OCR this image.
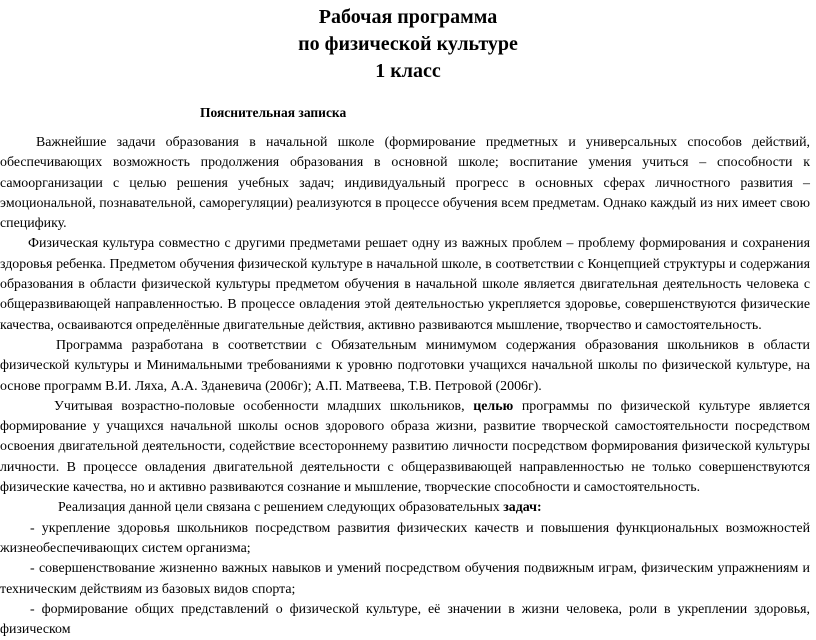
Рабочая программа
по физической культуре
1 класс
Пояснительная записка

Важнейшие задачи образования в начальной школе (формирование предметных и универсальных способов действий, обеспечивающих возможность продолжения образования в основной школе; воспитание умения учиться – способности к самоорганизации с целью решения учебных задач; индивидуальный прогресс в основных сферах личностного развития – эмоциональной, познавательной, саморегуляции) реализуются в процессе обучения всем предметам. Однако каждый из них имеет свою специфику.

Физическая культура совместно с другими предметами решает одну из важных проблем – проблему формирования и сохранения здоровья ребенка. Предметом обучения физической культуре в начальной школе, в соответствии с Концепцией структуры и содержания образования в области физической культуры предметом обучения в начальной школе является двигательная деятельность человека с общеразвивающей направленностью. В процессе овладения этой деятельностью укрепляется здоровье, совершенствуются физические качества, осваиваются определённые двигательные действия, активно развиваются мышление, творчество и самостоятельность.

Программа разработана в соответствии с Обязательным минимумом содержания образования школьников в области физической культуры и Минимальными требованиями к уровню подготовки учащихся начальной школы по физической культуре, на основе программ В.И. Ляха, А.А. Зданевича (2006г); А.П. Матвеева, Т.В. Петровой (2006г).

Учитывая возрастно-половые особенности младших школьников, целью программы по физической культуре является формирование у учащихся начальной школы основ здорового образа жизни, развитие творческой самостоятельности посредством освоения двигательной деятельности, содействие всестороннему развитию личности посредством формирования физической культуры личности. В процессе овладения двигательной деятельности с общеразвивающей направленностью не только совершенствуются физические качества, но и активно развиваются сознание и мышление, творческие способности и самостоятельность.

Реализация данной цели связана с решением следующих образовательных задач:

- укрепление здоровья школьников посредством развития физических качеств и повышения функциональных возможностей жизнеобеспечивающих систем организма;

- совершенствование жизненно важных навыков и умений посредством обучения подвижным играм, физическим упражнениям и техническим действиям из базовых видов спорта;

- формирование общих представлений о физической культуре, её значении в жизни человека, роли в укреплении здоровья, физическом
